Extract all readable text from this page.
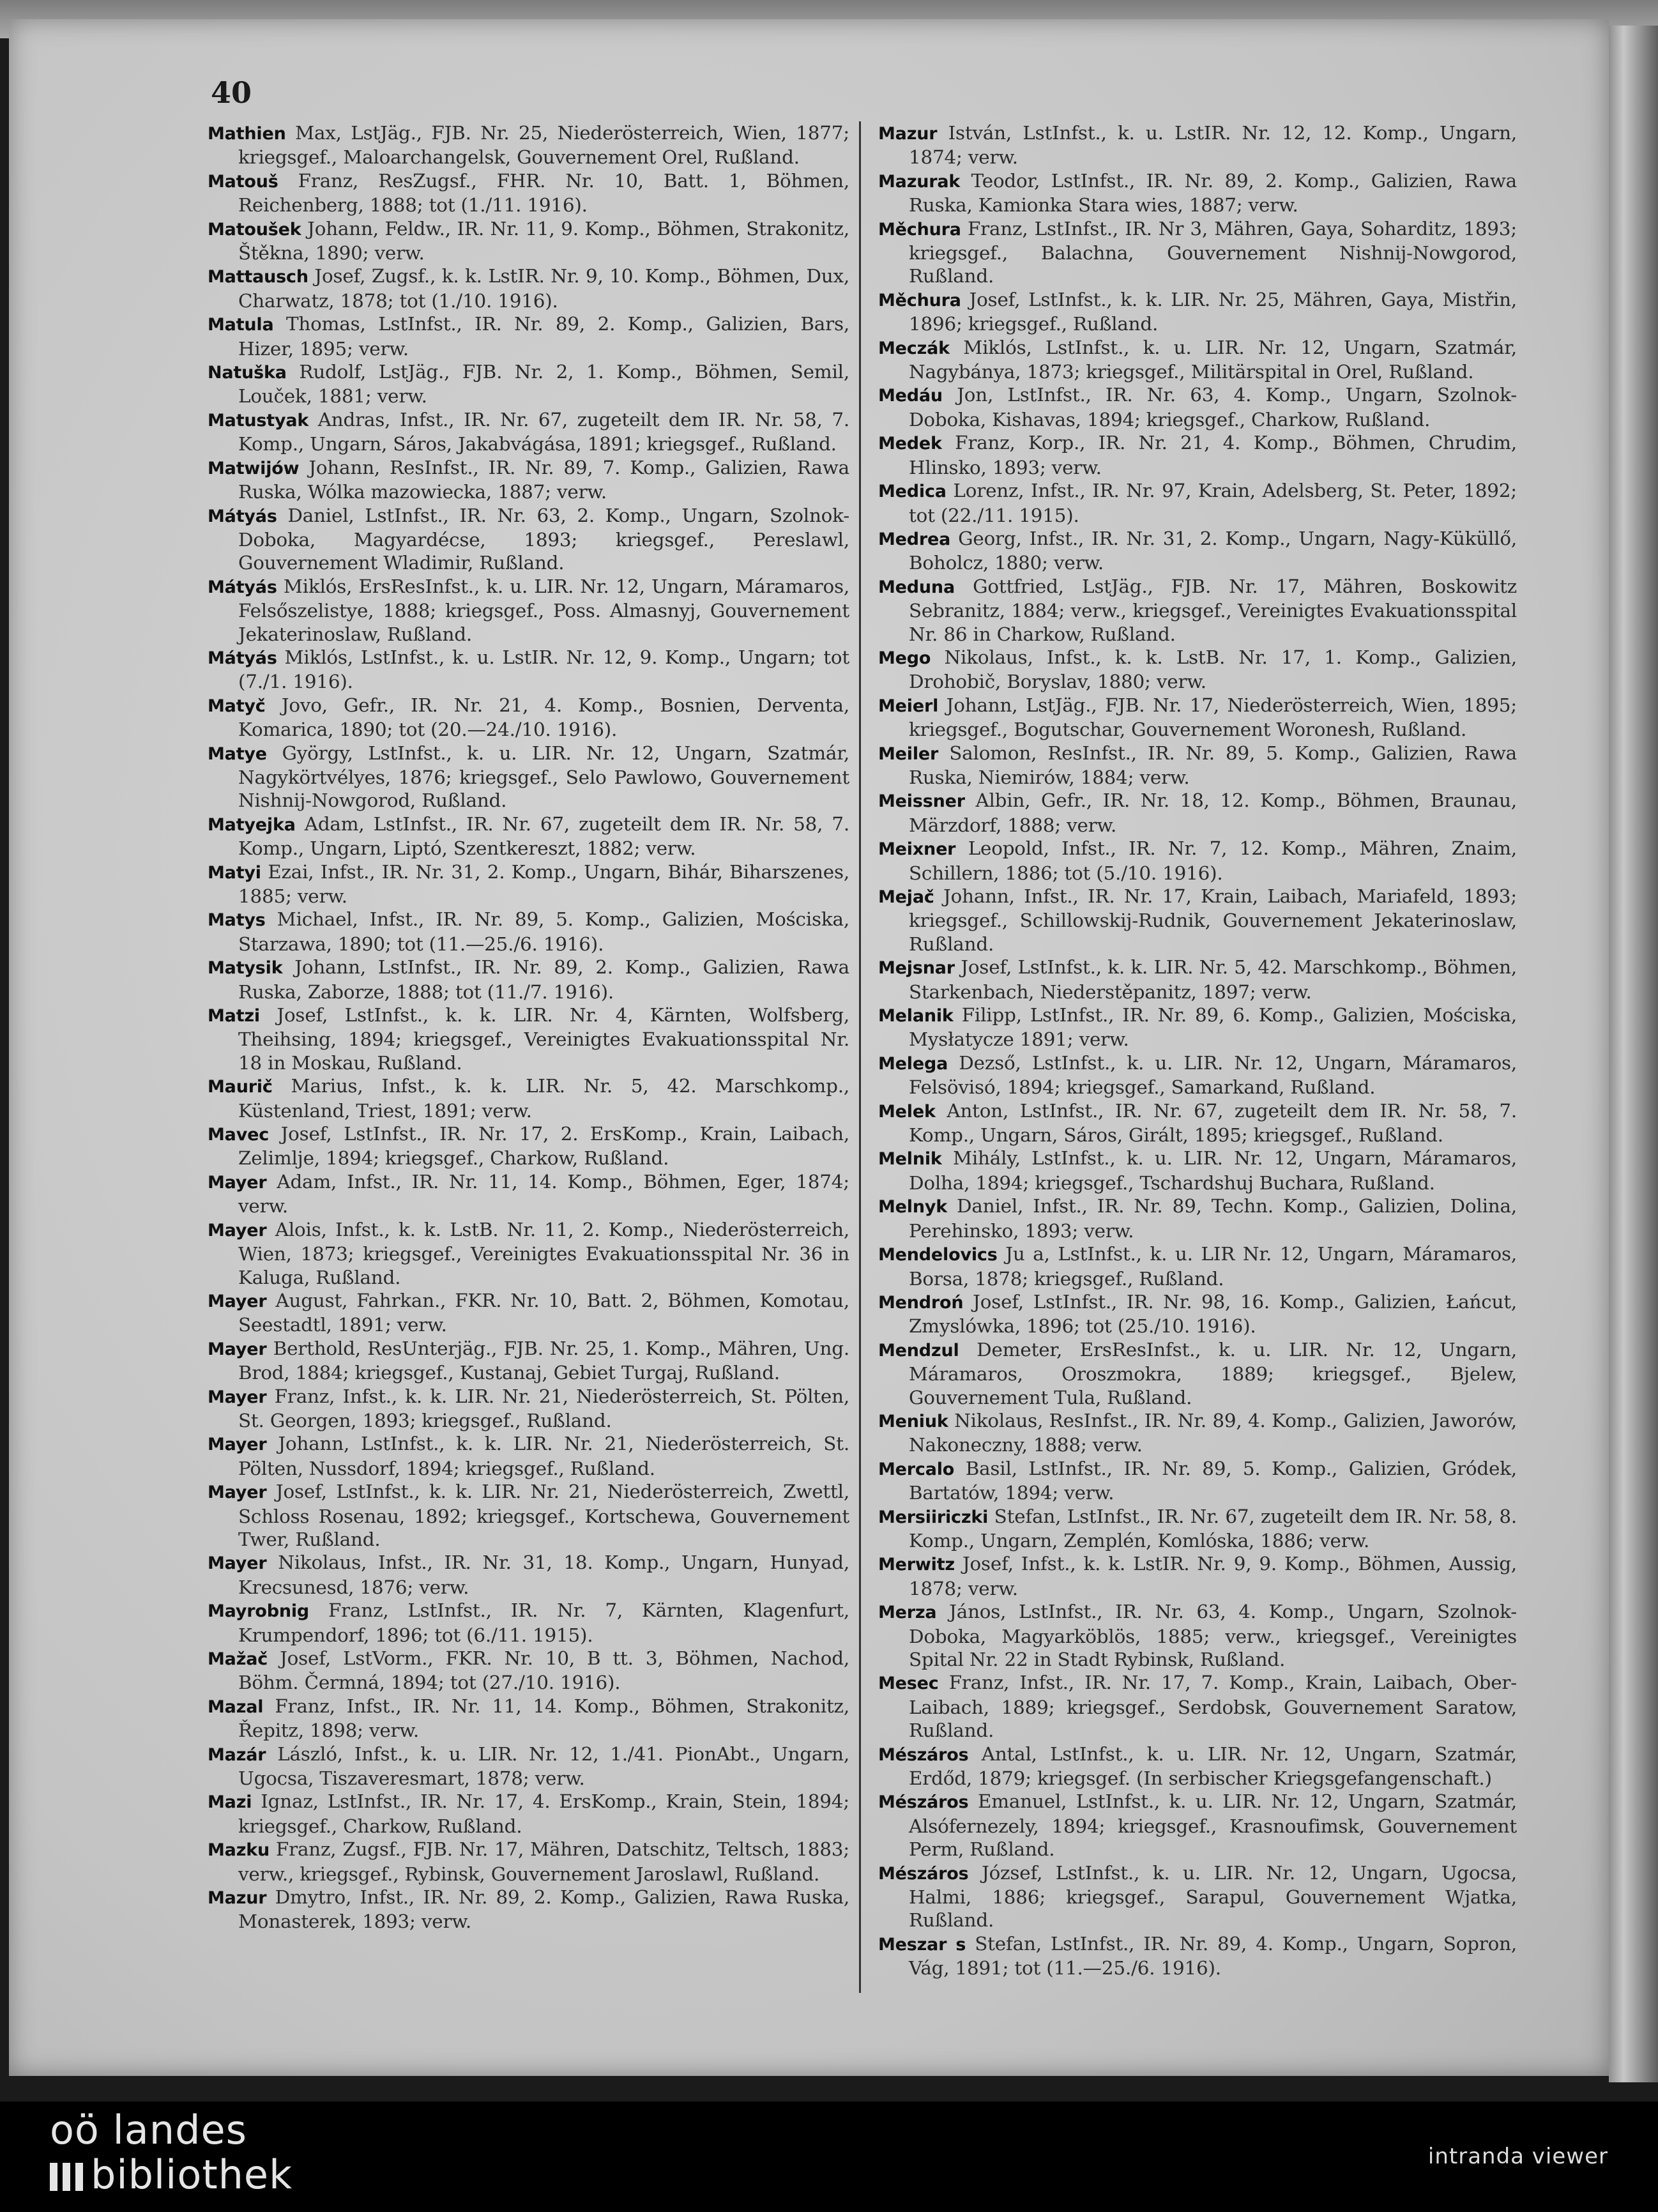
40

Mathien Max, LstJäg., FJB. Nr. 25, Niederösterreich, Wien, 1877; kriegsgef., Maloarchangelsk, Gouvernement Orel, Rußland.

Matouš Franz, ResZugsf., FHR. Nr. 10, Batt. 1, Böhmen, Reichenberg, 1888; tot (1./11. 1916).

Matoušek Johann, Feldw., IR. Nr. 11, 9. Komp., Böhmen, Strakonitz, Štěkna, 1890; verw.

Mattausch Josef, Zugsf., k. k. LstIR. Nr. 9, 10. Komp., Böhmen, Dux, Charwatz, 1878; tot (1./10. 1916).

Matula Thomas, LstInfst., IR. Nr. 89, 2. Komp., Galizien, Bars, Hizer, 1895; verw.

Natuška Rudolf, LstJäg., FJB. Nr. 2, 1. Komp., Böhmen, Semil, Louček, 1881; verw.

Matustyak Andras, Infst., IR. Nr. 67, zugeteilt dem IR. Nr. 58, 7. Komp., Ungarn, Sáros, Jakabvágása, 1891; kriegsgef., Rußland.

Matwijów Johann, ResInfst., IR. Nr. 89, 7. Komp., Galizien, Rawa Ruska, Wólka mazowiecka, 1887; verw.

Mátyás Daniel, LstInfst., IR. Nr. 63, 2. Komp., Ungarn, Szolnok-Doboka, Magyardécse, 1893; kriegsgef., Pereslawl, Gouvernement Wladimir, Rußland.

Mátyás Miklós, ErsResInfst., k. u. LIR. Nr. 12, Ungarn, Máramaros, Felsőszelistye, 1888; kriegsgef., Poss. Almasnyj, Gouvernement Jekaterinoslaw, Rußland.

Mátyás Miklós, LstInfst., k. u. LstIR. Nr. 12, 9. Komp., Ungarn; tot (7./1. 1916).

Matyč Jovo, Gefr., IR. Nr. 21, 4. Komp., Bosnien, Derventa, Komarica, 1890; tot (20.—24./10. 1916).

Matye György, LstInfst., k. u. LIR. Nr. 12, Ungarn, Szatmár, Nagykörtvélyes, 1876; kriegsgef., Selo Pawlowo, Gouvernement Nishnij-Nowgorod, Rußland.

Matyejka Adam, LstInfst., IR. Nr. 67, zugeteilt dem IR. Nr. 58, 7. Komp., Ungarn, Liptó, Szentkereszt, 1882; verw.

Matyi Ezai, Infst., IR. Nr. 31, 2. Komp., Ungarn, Bihár, Biharszenes, 1885; verw.

Matys Michael, Infst., IR. Nr. 89, 5. Komp., Galizien, Mościska, Starzawa, 1890; tot (11.—25./6. 1916).

Matysik Johann, LstInfst., IR. Nr. 89, 2. Komp., Galizien, Rawa Ruska, Zaborze, 1888; tot (11./7. 1916).

Matzi Josef, LstInfst., k. k. LIR. Nr. 4, Kärnten, Wolfsberg, Theihsing, 1894; kriegsgef., Vereinigtes Evakuationsspital Nr. 18 in Moskau, Rußland.

Maurič Marius, Infst., k. k. LIR. Nr. 5, 42. Marschkomp., Küstenland, Triest, 1891; verw.

Mavec Josef, LstInfst., IR. Nr. 17, 2. ErsKomp., Krain, Laibach, Zelimlje, 1894; kriegsgef., Charkow, Rußland.

Mayer Adam, Infst., IR. Nr. 11, 14. Komp., Böhmen, Eger, 1874; verw.

Mayer Alois, Infst., k. k. LstB. Nr. 11, 2. Komp., Niederösterreich, Wien, 1873; kriegsgef., Vereinigtes Evakuationsspital Nr. 36 in Kaluga, Rußland.

Mayer August, Fahrkan., FKR. Nr. 10, Batt. 2, Böhmen, Komotau, Seestadtl, 1891; verw.

Mayer Berthold, ResUnterjäg., FJB. Nr. 25, 1. Komp., Mähren, Ung. Brod, 1884; kriegsgef., Kustanaj, Gebiet Turgaj, Rußland.

Mayer Franz, Infst., k. k. LIR. Nr. 21, Niederösterreich, St. Pölten, St. Georgen, 1893; kriegsgef., Rußland.

Mayer Johann, LstInfst., k. k. LIR. Nr. 21, Niederösterreich, St. Pölten, Nussdorf, 1894; kriegsgef., Rußland.

Mayer Josef, LstInfst., k. k. LIR. Nr. 21, Niederösterreich, Zwettl, Schloss Rosenau, 1892; kriegsgef., Kortschewa, Gouvernement Twer, Rußland.

Mayer Nikolaus, Infst., IR. Nr. 31, 18. Komp., Ungarn, Hunyad, Krecsunesd, 1876; verw.

Mayrobnig Franz, LstInfst., IR. Nr. 7, Kärnten, Klagenfurt, Krumpendorf, 1896; tot (6./11. 1915).

Mažač Josef, LstVorm., FKR. Nr. 10, B tt. 3, Böhmen, Nachod, Böhm. Čermná, 1894; tot (27./10. 1916).

Mazal Franz, Infst., IR. Nr. 11, 14. Komp., Böhmen, Strakonitz, Řepitz, 1898; verw.

Mazár László, Infst., k. u. LIR. Nr. 12, 1./41. PionAbt., Ungarn, Ugocsa, Tiszaveresmart, 1878; verw.

Mazi Ignaz, LstInfst., IR. Nr. 17, 4. ErsKomp., Krain, Stein, 1894; kriegsgef., Charkow, Rußland.

Mazku Franz, Zugsf., FJB. Nr. 17, Mähren, Datschitz, Teltsch, 1883; verw., kriegsgef., Rybinsk, Gouvernement Jaroslawl, Rußland.

Mazur Dmytro, Infst., IR. Nr. 89, 2. Komp., Galizien, Rawa Ruska, Monasterek, 1893; verw.

Mazur István, LstInfst., k. u. LstIR. Nr. 12, 12. Komp., Ungarn, 1874; verw.

Mazurak Teodor, LstInfst., IR. Nr. 89, 2. Komp., Galizien, Rawa Ruska, Kamionka Stara wies, 1887; verw.

Měchura Franz, LstInfst., IR. Nr 3, Mähren, Gaya, Soharditz, 1893; kriegsgef., Balachna, Gouvernement Nishnij-Nowgorod, Rußland.

Měchura Josef, LstInfst., k. k. LIR. Nr. 25, Mähren, Gaya, Mistřin, 1896; kriegsgef., Rußland.

Meczák Miklós, LstInfst., k. u. LIR. Nr. 12, Ungarn, Szatmár, Nagybánya, 1873; kriegsgef., Militärspital in Orel, Rußland.

Medáu Jon, LstInfst., IR. Nr. 63, 4. Komp., Ungarn, Szolnok-Doboka, Kishavas, 1894; kriegsgef., Charkow, Rußland.

Medek Franz, Korp., IR. Nr. 21, 4. Komp., Böhmen, Chrudim, Hlinsko, 1893; verw.

Medica Lorenz, Infst., IR. Nr. 97, Krain, Adelsberg, St. Peter, 1892; tot (22./11. 1915).

Medrea Georg, Infst., IR. Nr. 31, 2. Komp., Ungarn, Nagy-Küküllő, Boholcz, 1880; verw.

Meduna Gottfried, LstJäg., FJB. Nr. 17, Mähren, Boskowitz Sebranitz, 1884; verw., kriegsgef., Vereinigtes Evakuationsspital Nr. 86 in Charkow, Rußland.

Mego Nikolaus, Infst., k. k. LstB. Nr. 17, 1. Komp., Galizien, Drohobič, Boryslav, 1880; verw.

Meierl Johann, LstJäg., FJB. Nr. 17, Niederösterreich, Wien, 1895; kriegsgef., Bogutschar, Gouvernement Woronesh, Rußland.

Meiler Salomon, ResInfst., IR. Nr. 89, 5. Komp., Galizien, Rawa Ruska, Niemirów, 1884; verw.

Meissner Albin, Gefr., IR. Nr. 18, 12. Komp., Böhmen, Braunau, Märzdorf, 1888; verw.

Meixner Leopold, Infst., IR. Nr. 7, 12. Komp., Mähren, Znaim, Schillern, 1886; tot (5./10. 1916).

Mejač Johann, Infst., IR. Nr. 17, Krain, Laibach, Mariafeld, 1893; kriegsgef., Schillowskij-Rudnik, Gouvernement Jekaterinoslaw, Rußland.

Mejsnar Josef, LstInfst., k. k. LIR. Nr. 5, 42. Marschkomp., Böhmen, Starkenbach, Niederstěpanitz, 1897; verw.

Melanik Filipp, LstInfst., IR. Nr. 89, 6. Komp., Galizien, Mościska, Mysłatycze 1891; verw.

Melega Dezső, LstInfst., k. u. LIR. Nr. 12, Ungarn, Máramaros, Felsövisó, 1894; kriegsgef., Samarkand, Rußland.

Melek Anton, LstInfst., IR. Nr. 67, zugeteilt dem IR. Nr. 58, 7. Komp., Ungarn, Sáros, Girált, 1895; kriegsgef., Rußland.

Melnik Mihály, LstInfst., k. u. LIR. Nr. 12, Ungarn, Máramaros, Dolha, 1894; kriegsgef., Tschardshuj Buchara, Rußland.

Melnyk Daniel, Infst., IR. Nr. 89, Techn. Komp., Galizien, Dolina, Perehinsko, 1893; verw.

Mendelovics Ju a, LstInfst., k. u. LIR Nr. 12, Ungarn, Máramaros, Borsa, 1878; kriegsgef., Rußland.

Mendroń Josef, LstInfst., IR. Nr. 98, 16. Komp., Galizien, Łańcut, Zmyslówka, 1896; tot (25./10. 1916).

Mendzul Demeter, ErsResInfst., k. u. LIR. Nr. 12, Ungarn, Máramaros, Oroszmokra, 1889; kriegsgef., Bjelew, Gouvernement Tula, Rußland.

Meniuk Nikolaus, ResInfst., IR. Nr. 89, 4. Komp., Galizien, Jaworów, Nakoneczny, 1888; verw.

Mercalo Basil, LstInfst., IR. Nr. 89, 5. Komp., Galizien, Gródek, Bartatów, 1894; verw.

Mersiiriczki Stefan, LstInfst., IR. Nr. 67, zugeteilt dem IR. Nr. 58, 8. Komp., Ungarn, Zemplén, Komlóska, 1886; verw.

Merwitz Josef, Infst., k. k. LstIR. Nr. 9, 9. Komp., Böhmen, Aussig, 1878; verw.

Merza János, LstInfst., IR. Nr. 63, 4. Komp., Ungarn, Szolnok-Doboka, Magyarköblös, 1885; verw., kriegsgef., Vereinigtes Spital Nr. 22 in Stadt Rybinsk, Rußland.

Mesec Franz, Infst., IR. Nr. 17, 7. Komp., Krain, Laibach, Ober-Laibach, 1889; kriegsgef., Serdobsk, Gouvernement Saratow, Rußland.

Mészáros Antal, LstInfst., k. u. LIR. Nr. 12, Ungarn, Szatmár, Erdőd, 1879; kriegsgef. (In serbischer Kriegsgefangenschaft.)

Mészáros Emanuel, LstInfst., k. u. LIR. Nr. 12, Ungarn, Szatmár, Alsófernezely, 1894; kriegsgef., Krasnoufimsk, Gouvernement Perm, Rußland.

Mészáros József, LstInfst., k. u. LIR. Nr. 12, Ungarn, Ugocsa, Halmi, 1886; kriegsgef., Sarapul, Gouvernement Wjatka, Rußland.

Meszar s Stefan, LstInfst., IR. Nr. 89, 4. Komp., Ungarn, Sopron, Vág, 1891; tot (11.—25./6. 1916).

oö landes
bibliothek	intranda viewer
